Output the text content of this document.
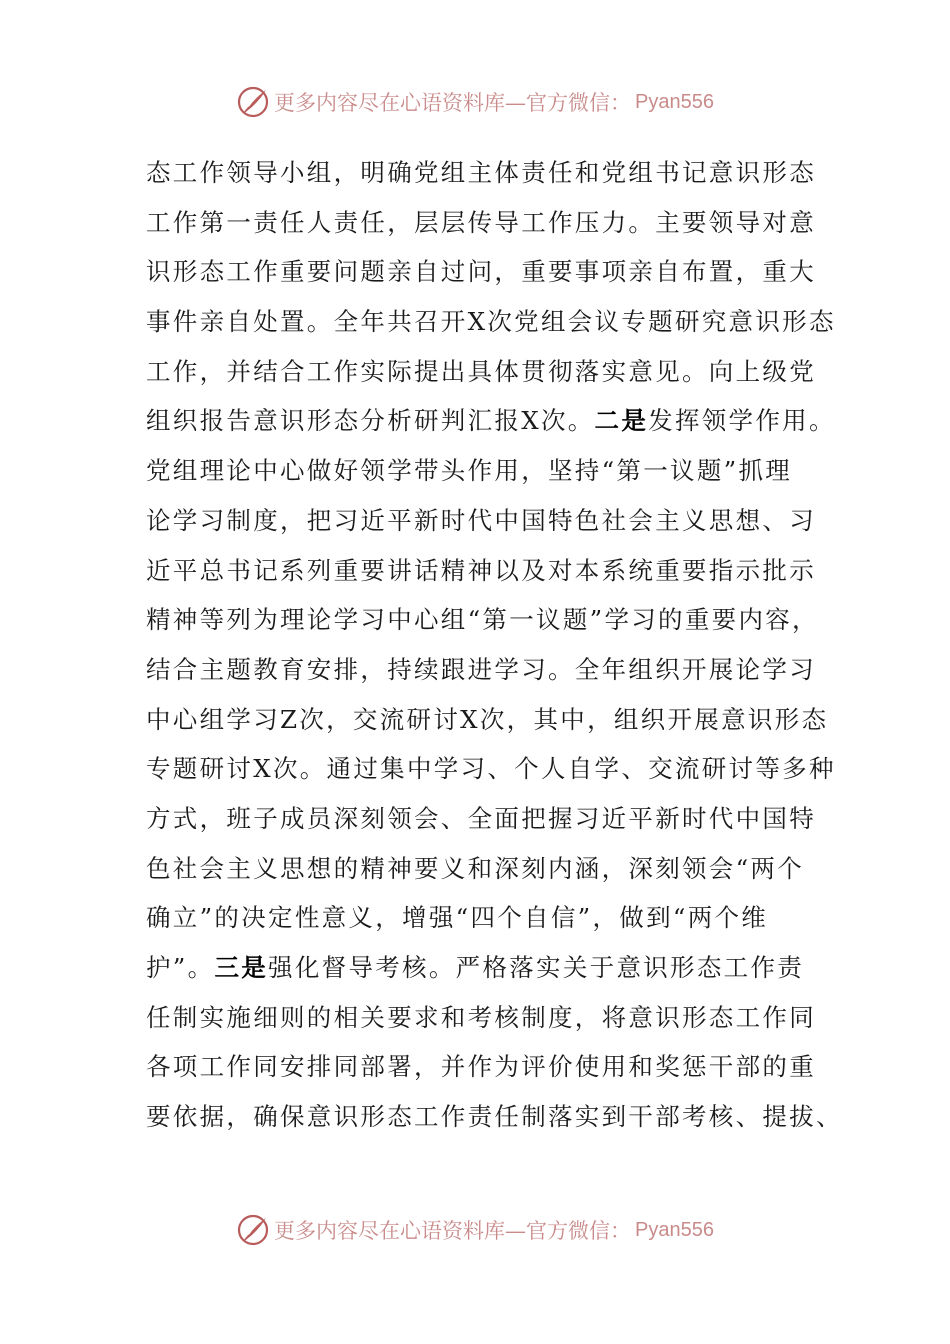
更多内容尽在心语资料库—官方微信： Pyan556
态工作领导小组，明确党组主体责任和党组书记意识形态
工作第一责任人责任，层层传导工作压力。主要领导对意
识形态工作重要问题亲自过问，重要事项亲自布置，重大
事件亲自处置。全年共召开X次党组会议专题研究意识形态
工作，并结合工作实际提出具体贯彻落实意见。向上级党
组织报告意识形态分析研判汇报X次。二是发挥领学作用。
党组理论中心做好领学带头作用，坚持“第一议题”抓理
论学习制度，把习近平新时代中国特色社会主义思想、习
近平总书记系列重要讲话精神以及对本系统重要指示批示
精神等列为理论学习中心组“第一议题”学习的重要内容，
结合主题教育安排，持续跟进学习。全年组织开展论学习
中心组学习Z次，交流研讨X次，其中，组织开展意识形态
专题研讨X次。通过集中学习、个人自学、交流研讨等多种
方式，班子成员深刻领会、全面把握习近平新时代中国特
色社会主义思想的精神要义和深刻内涵，深刻领会“两个
确立”的决定性意义，增强“四个自信”，做到“两个维
护”。三是强化督导考核。严格落实关于意识形态工作责
任制实施细则的相关要求和考核制度，将意识形态工作同
各项工作同安排同部署，并作为评价使用和奖惩干部的重
要依据，确保意识形态工作责任制落实到干部考核、提拔、
更多内容尽在心语资料库—官方微信： Pyan556
